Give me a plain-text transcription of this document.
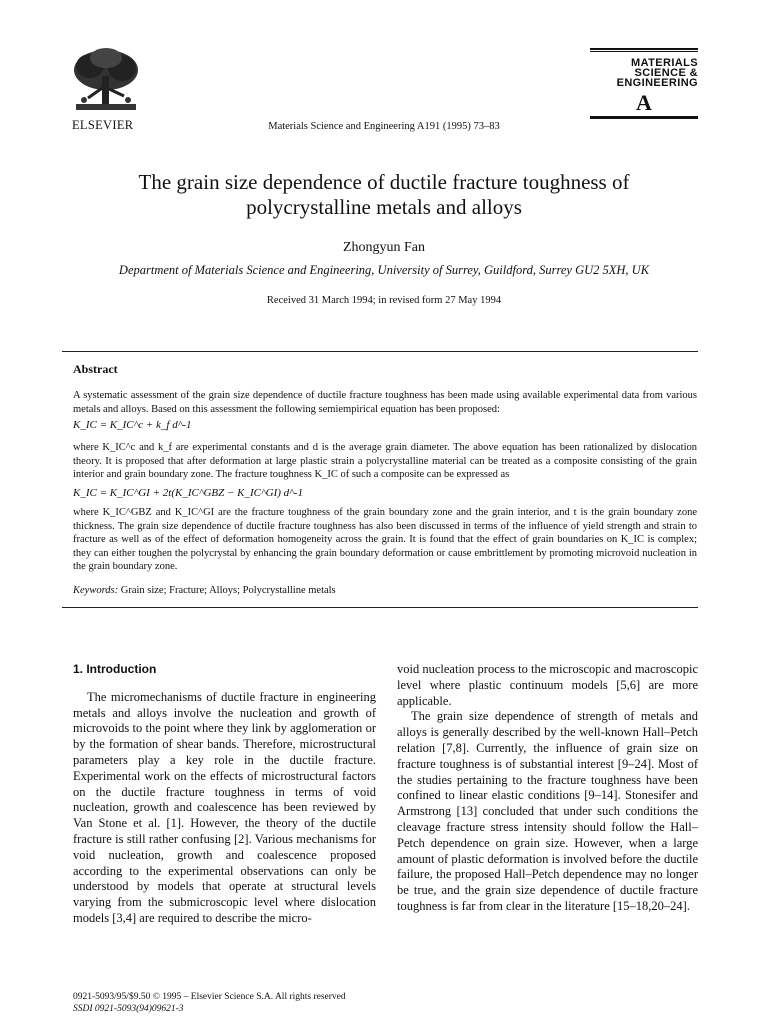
ELSEVIER	Materials Science and Engineering A191 (1995) 73–83
MATERIALS
SCIENCE &
ENGINEERING
A
The grain size dependence of ductile fracture toughness of
polycrystalline metals and alloys
Zhongyun Fan
Department of Materials Science and Engineering, University of Surrey, Guildford, Surrey GU2 5XH, UK
Received 31 March 1994; in revised form 27 May 1994
Abstract
A systematic assessment of the grain size dependence of ductile fracture toughness has been made using available experimental data from various metals and alloys. Based on this assessment the following semiempirical equation has been proposed:
K_IC = K_IC^c + k_f d^-1
where K_IC^c and k_f are experimental constants and d is the average grain diameter. The above equation has been rationalized by dislocation theory. It is proposed that after deformation at large plastic strain a polycrystalline material can be treated as a composite consisting of the grain interior and grain boundary zone. The fracture toughness K_IC of such a composite can be expressed as
K_IC = K_IC^GI + 2t(K_IC^GBZ − K_IC^GI) d^-1
where K_IC^GBZ and K_IC^GI are the fracture toughness of the grain boundary zone and the grain interior, and t is the grain boundary zone thickness. The grain size dependence of ductile fracture toughness has also been discussed in terms of the influence of yield strength and strain to fracture as well as of the effect of deformation homogeneity across the grain. It is found that the effect of grain boundaries on K_IC is complex; they can either toughen the polycrystal by enhancing the grain boundary deformation or cause embrittlement by promoting microvoid nucleation in the grain boundary zone.
Keywords: Grain size; Fracture; Alloys; Polycrystalline metals
1. Introduction

The micromechanisms of ductile fracture in engineering metals and alloys involve the nucleation and growth of microvoids to the point where they link by agglomeration or by the formation of shear bands. Therefore, microstructural parameters play a key role in the ductile fracture. Experimental work on the effects of microstructural factors on the ductile fracture toughness in terms of void nucleation, growth and coalescence has been reviewed by Van Stone et al. [1]. However, the theory of the ductile fracture is still rather confusing [2]. Various mechanisms for void nucleation, growth and coalescence proposed according to the experimental observations can only be understood by models that operate at structural levels varying from the submicroscopic level where dislocation models [3,4] are required to describe the micro-

void nucleation process to the microscopic and macroscopic level where plastic continuum models [5,6] are more applicable.

The grain size dependence of strength of metals and alloys is generally described by the well-known Hall–Petch relation [7,8]. Currently, the influence of grain size on fracture toughness is of substantial interest [9–24]. Most of the studies pertaining to the fracture toughness have been confined to linear elastic conditions [9–14]. Stonesifer and Armstrong [13] concluded that under such conditions the cleavage fracture stress intensity should follow the Hall–Petch dependence on grain size. However, when a large amount of plastic deformation is involved before the ductile failure, the proposed Hall–Petch dependence may no longer be true, and the grain size dependence of ductile fracture toughness is far from clear in the literature [15–18,20–24].

0921-5093/95/$9.50 © 1995 – Elsevier Science S.A. All rights reserved
SSDI 0921-5093(94)09621-3
